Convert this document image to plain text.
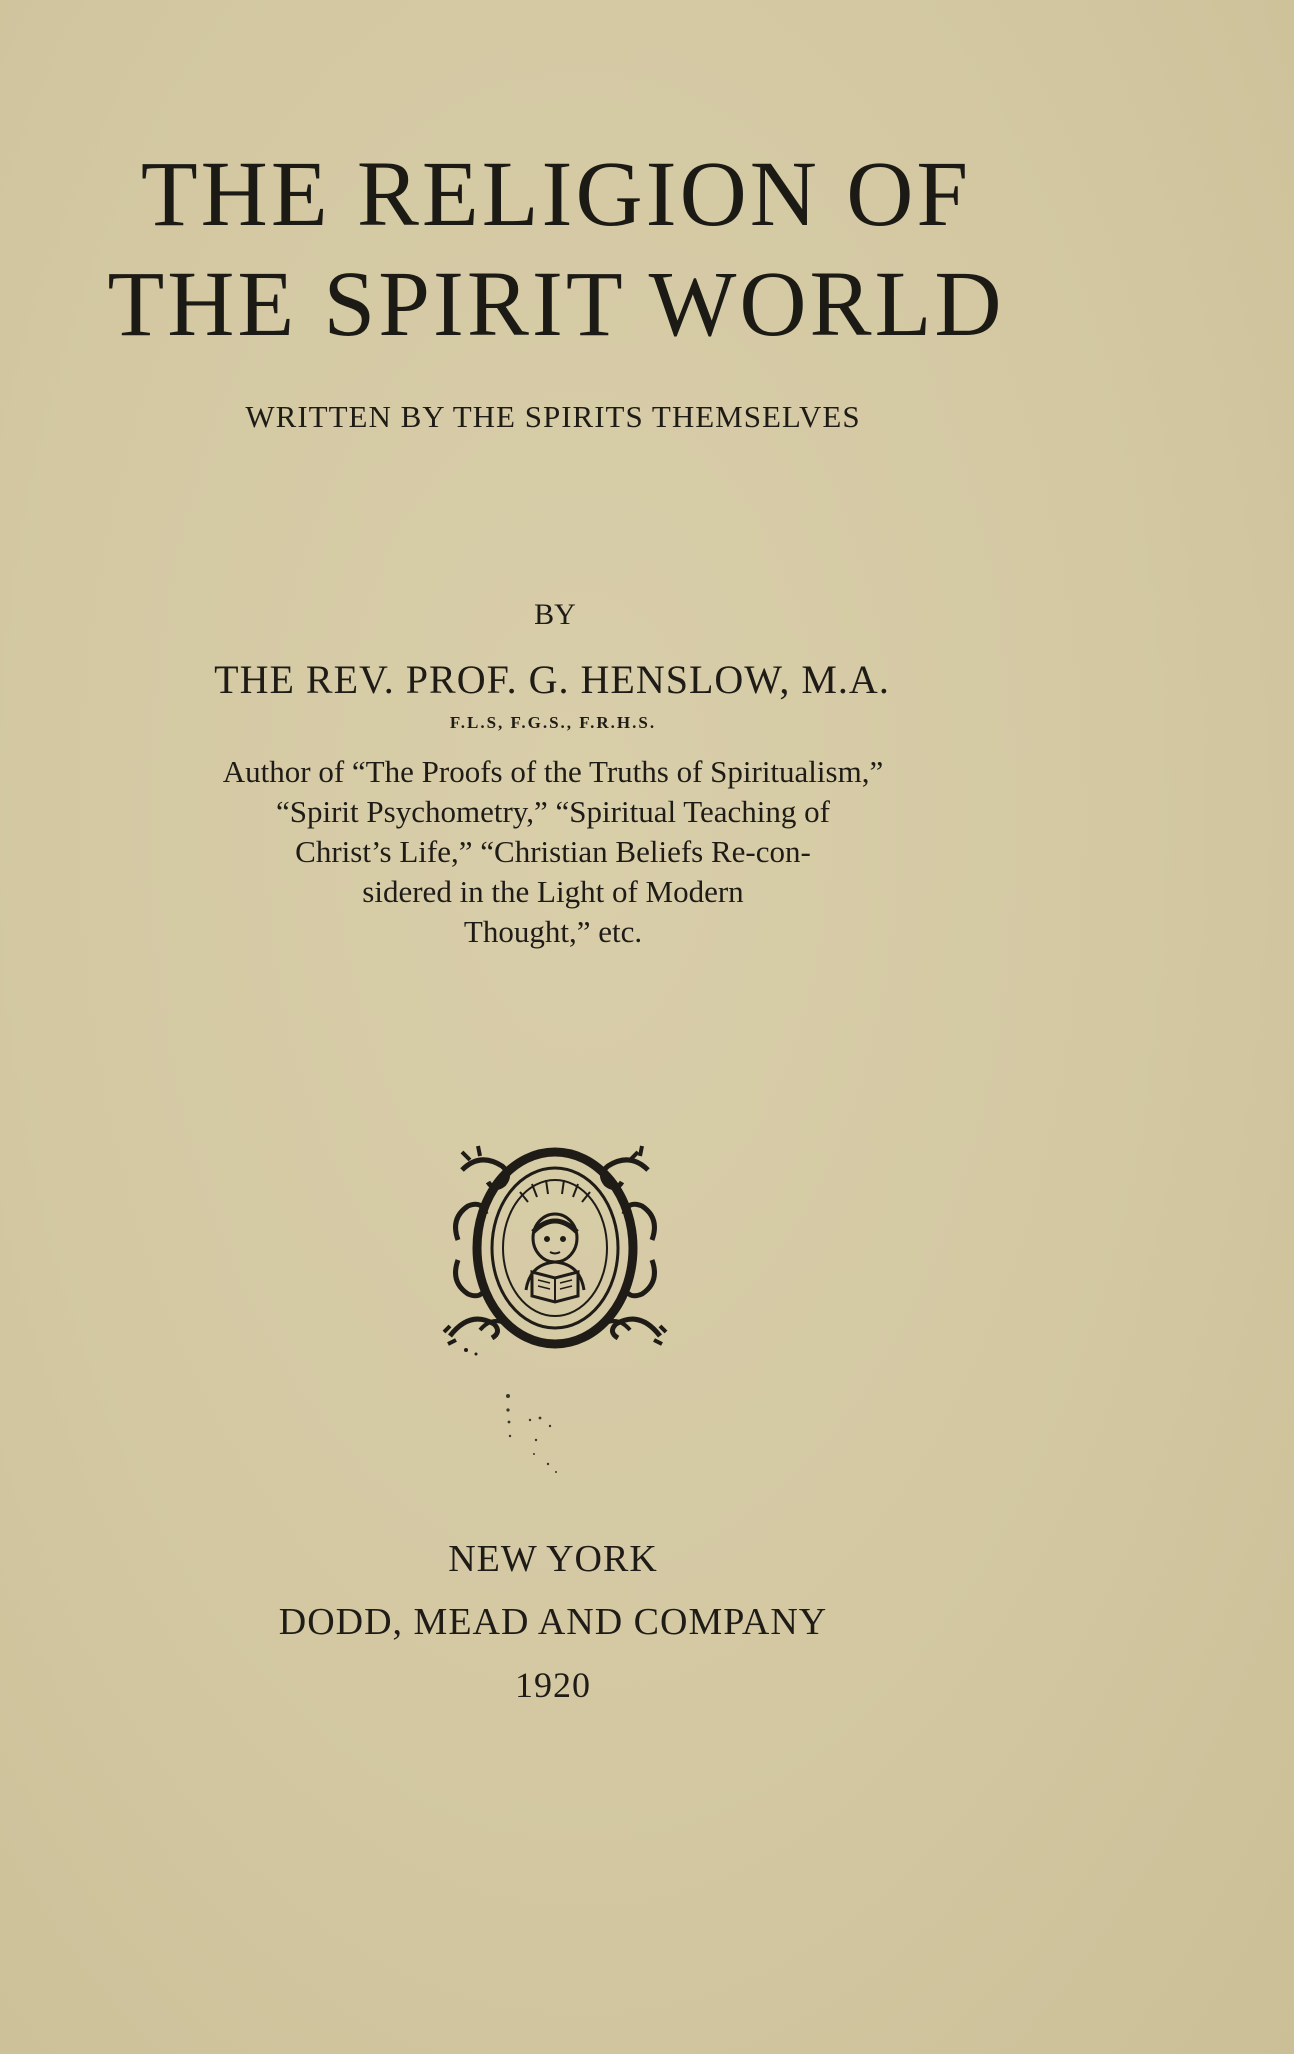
THE RELIGION OF
THE SPIRIT WORLD
WRITTEN BY THE SPIRITS THEMSELVES
BY
THE REV. PROF. G. HENSLOW, M.A.
F.L.S, F.G.S., F.R.H.S.
Author of “The Proofs of the Truths of Spiritualism,”
“Spirit Psychometry,” “Spiritual Teaching of
Christ’s Life,” “Christian Beliefs Re-con-
sidered in the Light of Modern
Thought,” etc.
NEW YORK
DODD, MEAD AND COMPANY
1920
